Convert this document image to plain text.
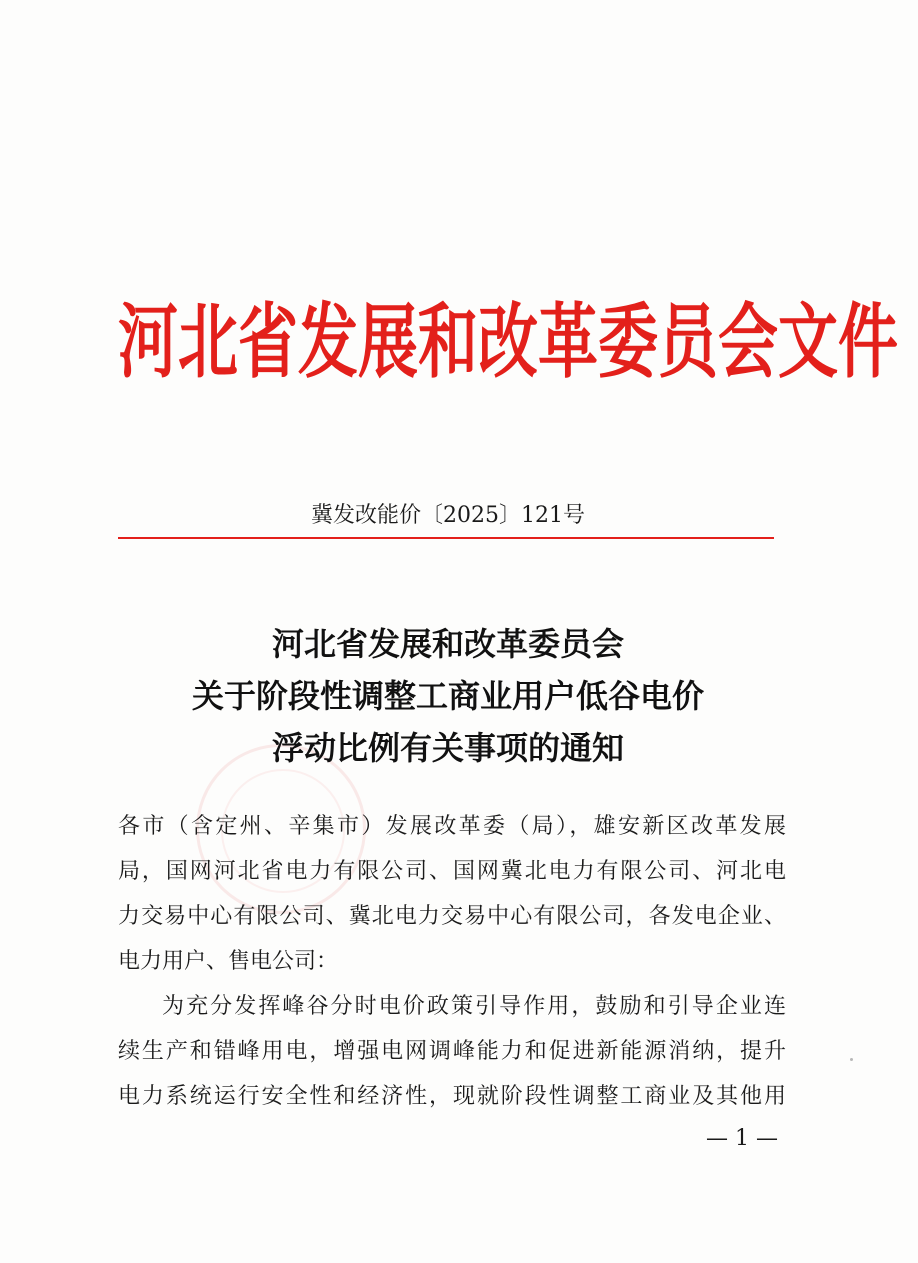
河北省发展和改革委员会文件
冀发改能价〔2025〕121号
河北省发展和改革委员会
关于阶段性调整工商业用户低谷电价
浮动比例有关事项的通知
各市（含定州、辛集市）发展改革委（局），雄安新区改革发展
局，国网河北省电力有限公司、国网冀北电力有限公司、河北电
力交易中心有限公司、冀北电力交易中心有限公司，各发电企业、
电力用户、售电公司：
为充分发挥峰谷分时电价政策引导作用，鼓励和引导企业连
续生产和错峰用电，增强电网调峰能力和促进新能源消纳，提升
电力系统运行安全性和经济性，现就阶段性调整工商业及其他用
— 1 —
